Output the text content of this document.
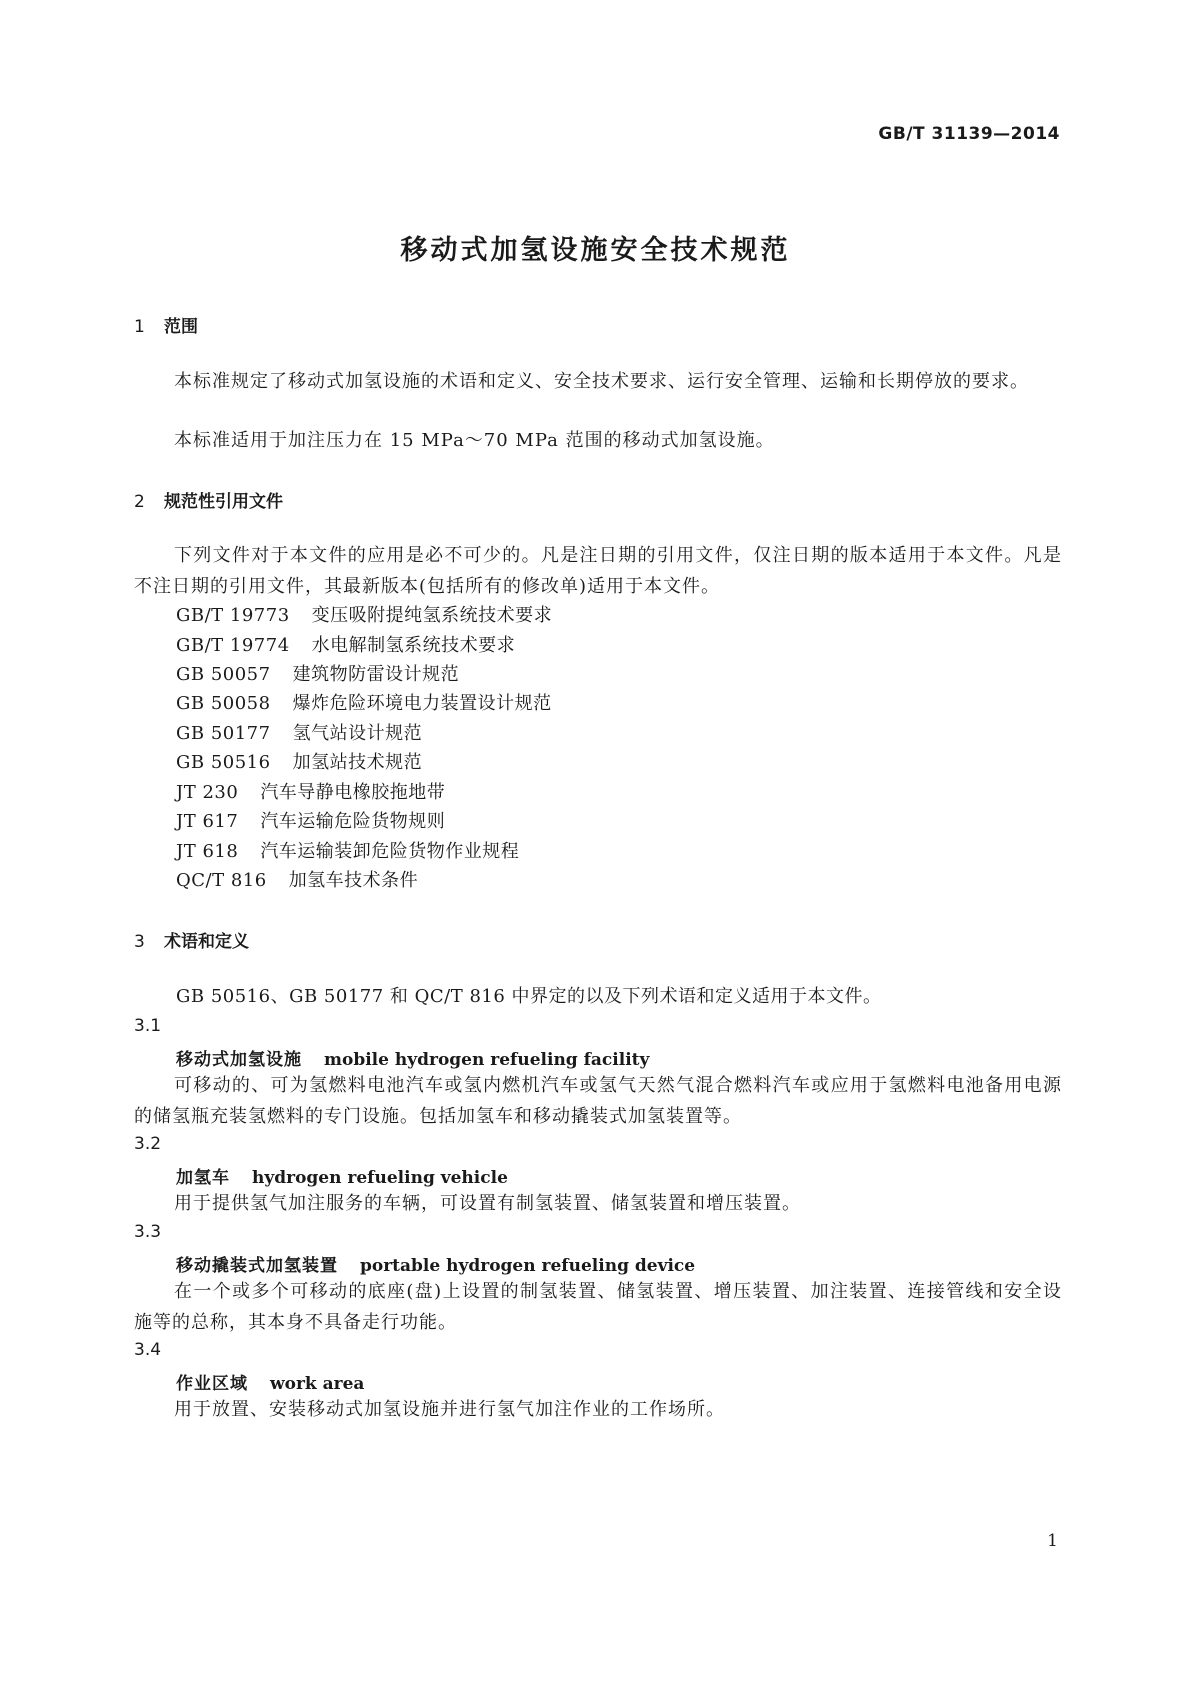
GB/T 31139—2014
移动式加氢设施安全技术规范
1 范围
本标准规定了移动式加氢设施的术语和定义、安全技术要求、运行安全管理、运输和长期停放的要求。
本标准适用于加注压力在 15 MPa～70 MPa 范围的移动式加氢设施。
2 规范性引用文件
下列文件对于本文件的应用是必不可少的。凡是注日期的引用文件，仅注日期的版本适用于本文件。凡是不注日期的引用文件，其最新版本(包括所有的修改单)适用于本文件。
GB/T 19773 变压吸附提纯氢系统技术要求
GB/T 19774 水电解制氢系统技术要求
GB 50057 建筑物防雷设计规范
GB 50058 爆炸危险环境电力装置设计规范
GB 50177 氢气站设计规范
GB 50516 加氢站技术规范
JT 230 汽车导静电橡胶拖地带
JT 617 汽车运输危险货物规则
JT 618 汽车运输装卸危险货物作业规程
QC/T 816 加氢车技术条件
3 术语和定义
GB 50516、GB 50177 和 QC/T 816 中界定的以及下列术语和定义适用于本文件。
3.1
移动式加氢设施 mobile hydrogen refueling facility
可移动的、可为氢燃料电池汽车或氢内燃机汽车或氢气天然气混合燃料汽车或应用于氢燃料电池备用电源的储氢瓶充装氢燃料的专门设施。包括加氢车和移动撬装式加氢装置等。
3.2
加氢车 hydrogen refueling vehicle
用于提供氢气加注服务的车辆，可设置有制氢装置、储氢装置和增压装置。
3.3
移动撬装式加氢装置 portable hydrogen refueling device
在一个或多个可移动的底座(盘)上设置的制氢装置、储氢装置、增压装置、加注装置、连接管线和安全设施等的总称，其本身不具备走行功能。
3.4
作业区域 work area
用于放置、安装移动式加氢设施并进行氢气加注作业的工作场所。
1
